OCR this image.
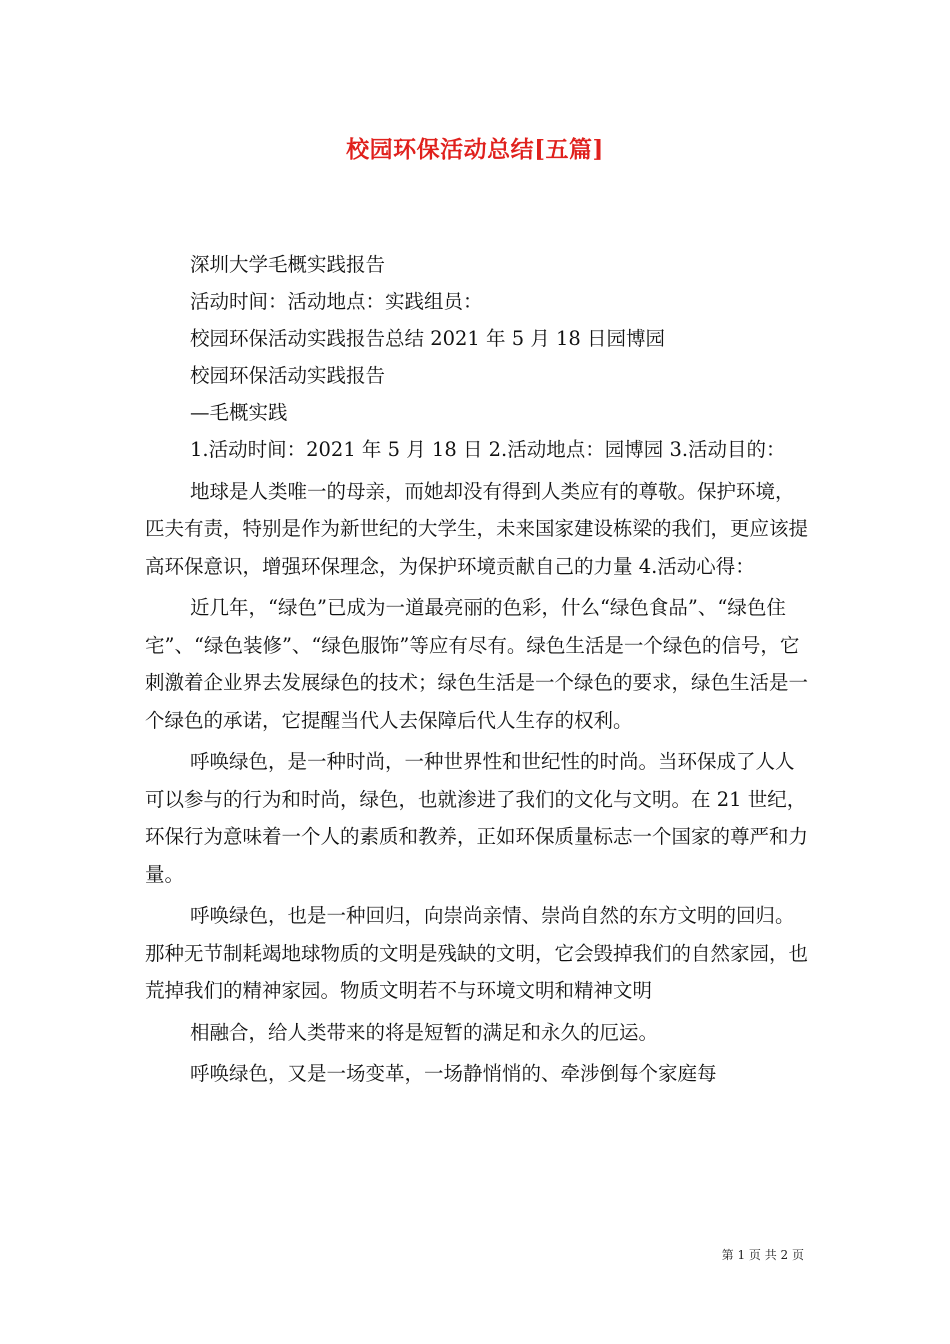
校园环保活动总结[五篇]
深圳大学毛概实践报告
活动时间：活动地点：实践组员：
校园环保活动实践报告总结 2021 年 5 月 18 日园博园
校园环保活动实践报告
—毛概实践

1.活动时间：2021 年 5 月 18 日 2.活动地点：园博园 3.活动目的：

地球是人类唯一的母亲，而她却没有得到人类应有的尊敬。保护环境，匹夫有责，特别是作为新世纪的大学生，未来国家建设栋梁的我们，更应该提高环保意识，增强环保理念，为保护环境贡献自己的力量 4.活动心得：

近几年，“绿色”已成为一道最亮丽的色彩，什么“绿色食品”、“绿色住宅”、“绿色装修”、“绿色服饰”等应有尽有。绿色生活是一个绿色的信号，它刺激着企业界去发展绿色的技术；绿色生活是一个绿色的要求，绿色生活是一个绿色的承诺，它提醒当代人去保障后代人生存的权利。

呼唤绿色，是一种时尚，一种世界性和世纪性的时尚。当环保成了人人可以参与的行为和时尚，绿色，也就渗进了我们的文化与文明。在 21 世纪，环保行为意味着一个人的素质和教养，正如环保质量标志一个国家的尊严和力量。

呼唤绿色，也是一种回归，向崇尚亲情、崇尚自然的东方文明的回归。那种无节制耗竭地球物质的文明是残缺的文明，它会毁掉我们的自然家园，也荒掉我们的精神家园。物质文明若不与环境文明和精神文明

相融合，给人类带来的将是短暂的满足和永久的厄运。

呼唤绿色，又是一场变革，一场静悄悄的、牵涉倒每个家庭每

第 1 页 共 2 页
